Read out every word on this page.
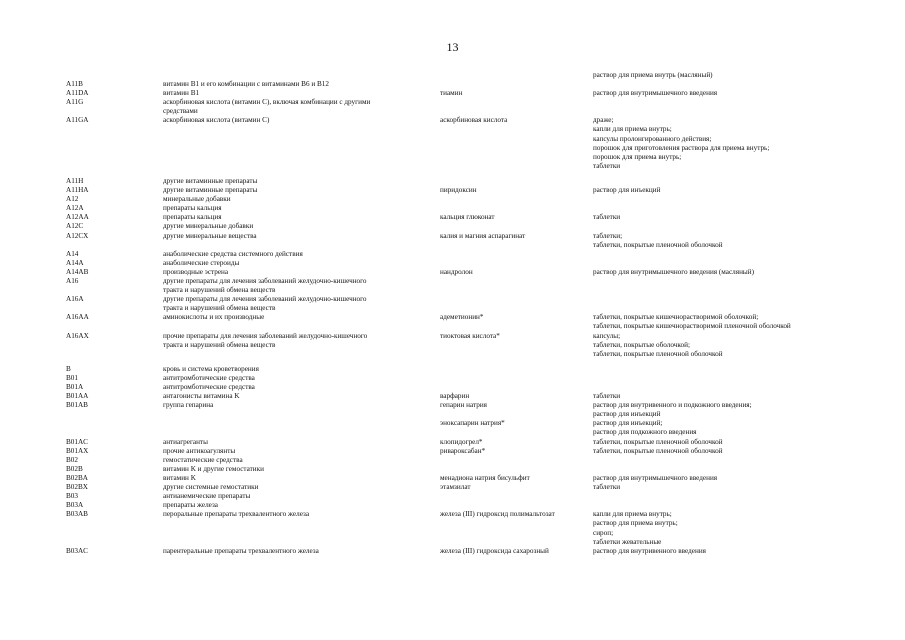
13
раствор для приема внутрь (масляный)
A11B	витамин B1 и его комбинации с витаминами B6 и B12
A11DA	витамин B1	тиамин	раствор для внутримышечного введения
A11G	аскорбиновая кислота (витамин C), включая комбинации с другими
средствами
A11GA	аскорбиновая кислота (витамин C)	аскорбиновая кислота	драже;
капли для приема внутрь;
капсулы пролонгированного действия;
порошок для приготовления раствора для приема внутрь;
порошок для приема внутрь;
таблетки
A11H	другие витаминные препараты
A11HA	другие витаминные препараты	пиридоксин	раствор для инъекций
A12	минеральные добавки
A12A	препараты кальция
A12AA	препараты кальция	кальция глюконат	таблетки
A12C	другие минеральные добавки
A12CX	другие минеральные вещества	калия и магния аспарагинат	таблетки;
таблетки, покрытые пленочной оболочкой
A14	анаболические средства системного действия
A14A	анаболические стероиды
A14AB	производные эстрена	нандролон	раствор для внутримышечного введения (масляный)
A16	другие препараты для лечения заболеваний желудочно-кишечного
тракта и нарушений обмена веществ
A16A	другие препараты для лечения заболеваний желудочно-кишечного
тракта и нарушений обмена веществ
A16AA	аминокислоты и их производные	адеметионин*	таблетки, покрытые кишечнорастворимой оболочкой;
таблетки, покрытые кишечнорастворимой пленочной оболочкой
A16AX	прочие препараты для лечения заболеваний желудочно-кишечного
тракта и нарушений обмена веществ
тиоктовая кислота*	капсулы;
таблетки, покрытые оболочкой;
таблетки, покрытые пленочной оболочкой
B	кровь и система кроветворения
B01	антитромботические средства
B01A	антитромботические средства
B01AA	антагонисты витамина K	варфарин	таблетки
B01AB	группа гепарина	гепарин натрия	раствор для внутривенного и подкожного введения;
раствор для инъекций
эноксапарин натрия*	раствор для инъекций;
раствор для подкожного введения
B01AC	антиагреганты	клопидогрел*	таблетки, покрытые пленочной оболочкой
B01AX	прочие антикоагулянты	ривароксабан*	таблетки, покрытые пленочной оболочкой
B02	гемостатические средства
B02B	витамин K и другие гемостатики
B02BA	витамин K	менадиона натрия бисульфит	раствор для внутримышечного введения
B02BX	другие системные гемостатики	этамзилат	таблетки
B03	антианемические препараты
B03A	препараты железа
B03AB	пероральные препараты трехвалентного железа	железа (III) гидроксид полимальтозат	капли для приема внутрь;
раствор для приема внутрь;
сироп;
таблетки жевательные
B03AC	парентеральные препараты трехвалентного железа	железа (III) гидроксида сахарозный	раствор для внутривенного введения
